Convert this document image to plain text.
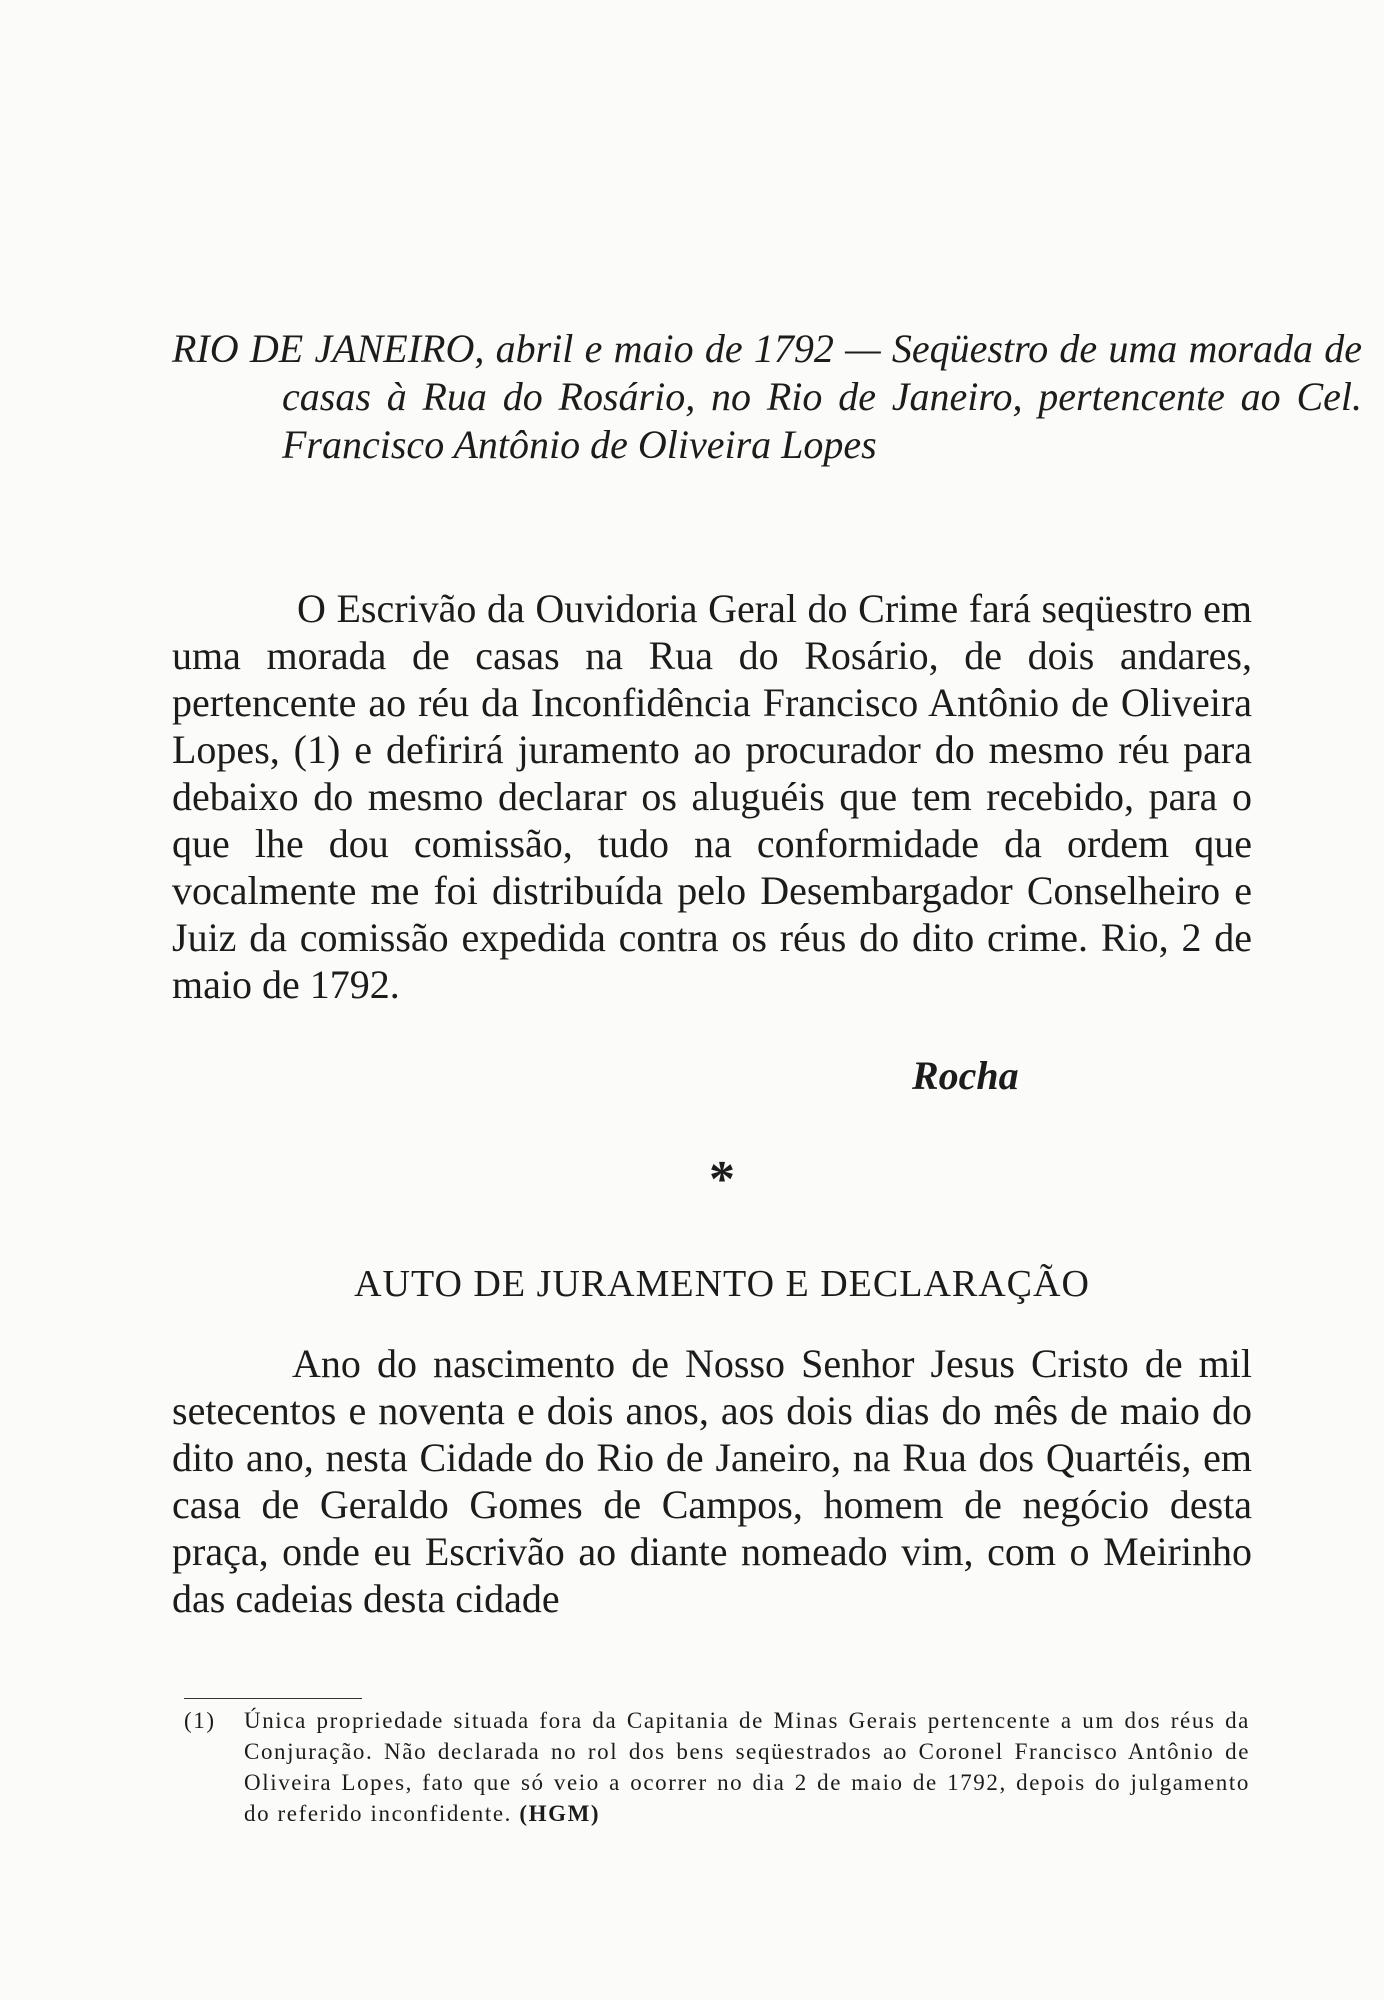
RIO DE JANEIRO, abril e maio de 1792 — Seqüestro de uma morada de casas à Rua do Rosário, no Rio de Janeiro, pertencente ao Cel. Francisco Antônio de Oliveira Lopes
O Escrivão da Ouvidoria Geral do Crime fará seqüestro em uma morada de casas na Rua do Rosário, de dois andares, pertencente ao réu da Inconfidência Francisco Antônio de Oliveira Lopes, (1) e defirirá juramento ao procurador do mesmo réu para debaixo do mesmo declarar os aluguéis que tem recebido, para o que lhe dou comissão, tudo na conformidade da ordem que vocalmente me foi distribuída pelo Desembargador Conselheiro e Juiz da comissão expedida contra os réus do dito crime. Rio, 2 de maio de 1792.
Rocha
*
AUTO DE JURAMENTO E DECLARAÇÃO
Ano do nascimento de Nosso Senhor Jesus Cristo de mil setecentos e noventa e dois anos, aos dois dias do mês de maio do dito ano, nesta Cidade do Rio de Janeiro, na Rua dos Quartéis, em casa de Geraldo Gomes de Campos, homem de negócio desta praça, onde eu Escrivão ao diante nomeado vim, com o Meirinho das cadeias desta cidade
(1) Única propriedade situada fora da Capitania de Minas Gerais pertencente a um dos réus da Conjuração. Não declarada no rol dos bens seqüestrados ao Coronel Francisco Antônio de Oliveira Lopes, fato que só veio a ocorrer no dia 2 de maio de 1792, depois do julgamento do referido inconfidente. (HGM)
